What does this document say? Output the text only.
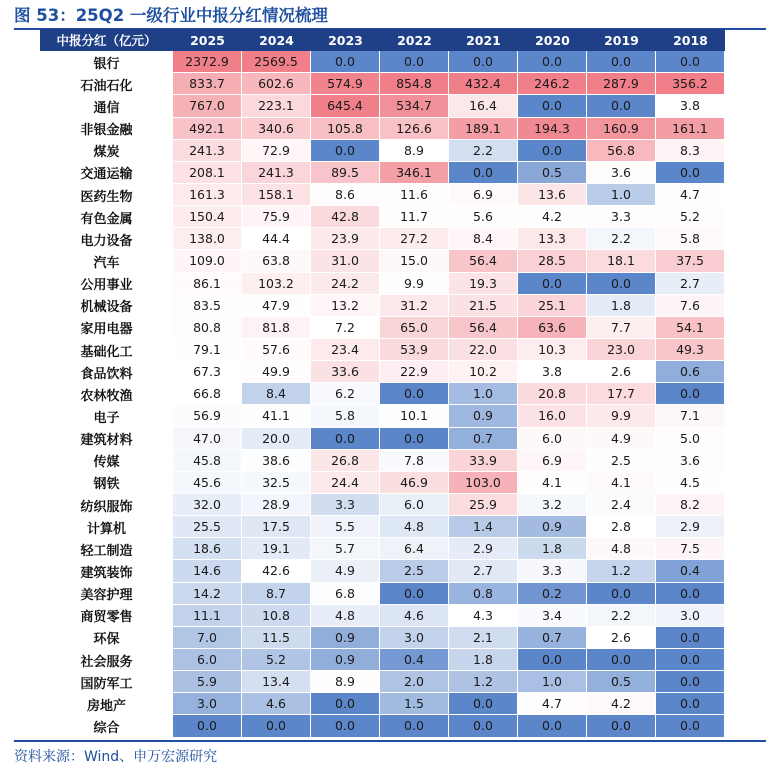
图 53：25Q2 一级行业中报分红情况梳理
中报分红（亿元）	2025	2024	2023	2022	2021	2020	2019	2018
银行	2372.9	2569.5	0.0	0.0	0.0	0.0	0.0	0.0
石油石化	833.7	602.6	574.9	854.8	432.4	246.2	287.9	356.2
通信	767.0	223.1	645.4	534.7	16.4	0.0	0.0	3.8
非银金融	492.1	340.6	105.8	126.6	189.1	194.3	160.9	161.1
煤炭	241.3	72.9	0.0	8.9	2.2	0.0	56.8	8.3
交通运输	208.1	241.3	89.5	346.1	0.0	0.5	3.6	0.0
医药生物	161.3	158.1	8.6	11.6	6.9	13.6	1.0	4.7
有色金属	150.4	75.9	42.8	11.7	5.6	4.2	3.3	5.2
电力设备	138.0	44.4	23.9	27.2	8.4	13.3	2.2	5.8
汽车	109.0	63.8	31.0	15.0	56.4	28.5	18.1	37.5
公用事业	86.1	103.2	24.2	9.9	19.3	0.0	0.0	2.7
机械设备	83.5	47.9	13.2	31.2	21.5	25.1	1.8	7.6
家用电器	80.8	81.8	7.2	65.0	56.4	63.6	7.7	54.1
基础化工	79.1	57.6	23.4	53.9	22.0	10.3	23.0	49.3
食品饮料	67.3	49.9	33.6	22.9	10.2	3.8	2.6	0.6
农林牧渔	66.8	8.4	6.2	0.0	1.0	20.8	17.7	0.0
电子	56.9	41.1	5.8	10.1	0.9	16.0	9.9	7.1
建筑材料	47.0	20.0	0.0	0.0	0.7	6.0	4.9	5.0
传媒	45.8	38.6	26.8	7.8	33.9	6.9	2.5	3.6
钢铁	45.6	32.5	24.4	46.9	103.0	4.1	4.1	4.5
纺织服饰	32.0	28.9	3.3	6.0	25.9	3.2	2.4	8.2
计算机	25.5	17.5	5.5	4.8	1.4	0.9	2.8	2.9
轻工制造	18.6	19.1	5.7	6.4	2.9	1.8	4.8	7.5
建筑装饰	14.6	42.6	4.9	2.5	2.7	3.3	1.2	0.4
美容护理	14.2	8.7	6.8	0.0	0.8	0.2	0.0	0.0
商贸零售	11.1	10.8	4.8	4.6	4.3	3.4	2.2	3.0
环保	7.0	11.5	0.9	3.0	2.1	0.7	2.6	0.0
社会服务	6.0	5.2	0.9	0.4	1.8	0.0	0.0	0.0
国防军工	5.9	13.4	8.9	2.0	1.2	1.0	0.5	0.0
房地产	3.0	4.6	0.0	1.5	0.0	4.7	4.2	0.0
综合	0.0	0.0	0.0	0.0	0.0	0.0	0.0	0.0
资料来源：Wind、申万宏源研究
